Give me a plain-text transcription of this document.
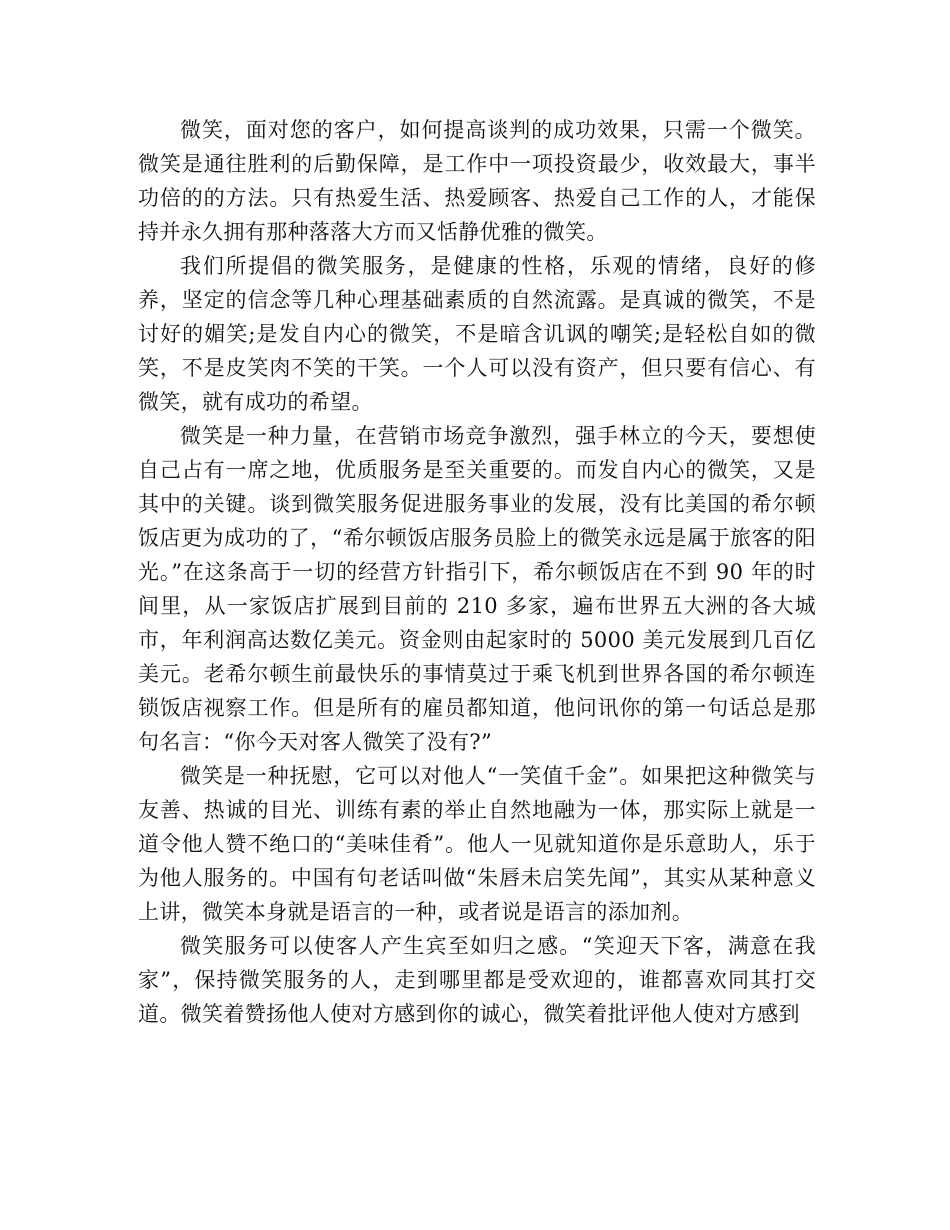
微笑，面对您的客户，如何提高谈判的成功效果，只需一个微笑。微笑是通往胜利的后勤保障，是工作中一项投资最少，收效最大，事半功倍的的方法。只有热爱生活、热爱顾客、热爱自己工作的人，才能保持并永久拥有那种落落大方而又恬静优雅的微笑。

我们所提倡的微笑服务，是健康的性格，乐观的情绪，良好的修养，坚定的信念等几种心理基础素质的自然流露。是真诚的微笑，不是讨好的媚笑;是发自内心的微笑，不是暗含讥讽的嘲笑;是轻松自如的微笑，不是皮笑肉不笑的干笑。一个人可以没有资产，但只要有信心、有微笑，就有成功的希望。

微笑是一种力量，在营销市场竞争激烈，强手林立的今天，要想使自己占有一席之地，优质服务是至关重要的。而发自内心的微笑，又是其中的关键。谈到微笑服务促进服务事业的发展，没有比美国的希尔顿饭店更为成功的了，“希尔顿饭店服务员脸上的微笑永远是属于旅客的阳光。”在这条高于一切的经营方针指引下，希尔顿饭店在不到 90 年的时间里，从一家饭店扩展到目前的 210 多家，遍布世界五大洲的各大城市，年利润高达数亿美元。资金则由起家时的 5000 美元发展到几百亿美元。老希尔顿生前最快乐的事情莫过于乘飞机到世界各国的希尔顿连锁饭店视察工作。但是所有的雇员都知道，他问讯你的第一句话总是那句名言：“你今天对客人微笑了没有?”

微笑是一种抚慰，它可以对他人“一笑值千金”。如果把这种微笑与友善、热诚的目光、训练有素的举止自然地融为一体，那实际上就是一道令他人赞不绝口的“美味佳肴”。他人一见就知道你是乐意助人，乐于为他人服务的。中国有句老话叫做“朱唇未启笑先闻”，其实从某种意义上讲，微笑本身就是语言的一种，或者说是语言的添加剂。

微笑服务可以使客人产生宾至如归之感。“笑迎天下客，满意在我家”，保持微笑服务的人，走到哪里都是受欢迎的，谁都喜欢同其打交道。微笑着赞扬他人使对方感到你的诚心，微笑着批评他人使对方感到
